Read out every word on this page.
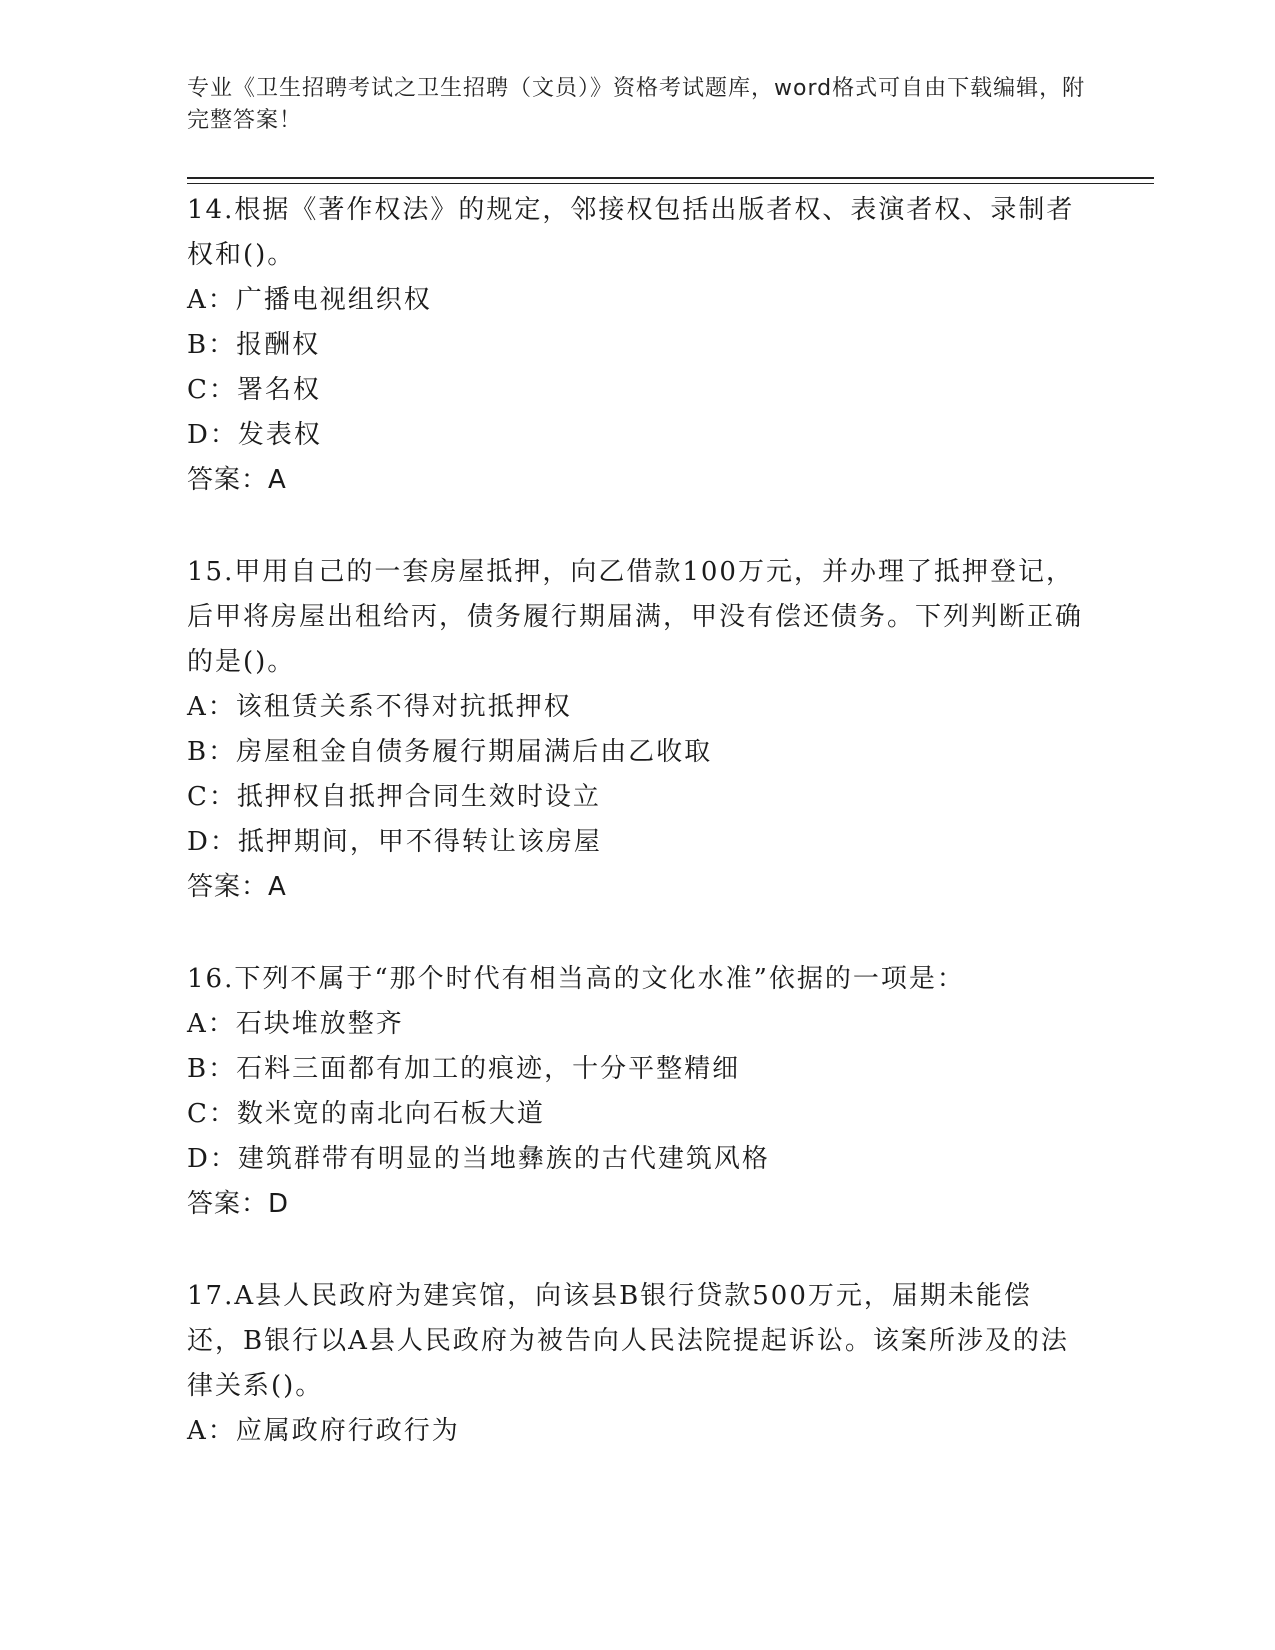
专业《卫生招聘考试之卫生招聘（文员）》资格考试题库，word格式可自由下载编辑，附完整答案！

14.根据《著作权法》的规定，邻接权包括出版者权、表演者权、录制者权和()。

A：广播电视组织权

B：报酬权

C：署名权

D：发表权

答案：A

15.甲用自己的一套房屋抵押，向乙借款100万元，并办理了抵押登记，后甲将房屋出租给丙，债务履行期届满，甲没有偿还债务。下列判断正确的是()。

A：该租赁关系不得对抗抵押权

B：房屋租金自债务履行期届满后由乙收取

C：抵押权自抵押合同生效时设立

D：抵押期间，甲不得转让该房屋

答案：A

16.下列不属于“那个时代有相当高的文化水准”依据的一项是：

A：石块堆放整齐

B：石料三面都有加工的痕迹，十分平整精细

C：数米宽的南北向石板大道

D：建筑群带有明显的当地彝族的古代建筑风格

答案：D

17.A县人民政府为建宾馆，向该县B银行贷款500万元，届期未能偿还，B银行以A县人民政府为被告向人民法院提起诉讼。该案所涉及的法律关系()。

A：应属政府行政行为
